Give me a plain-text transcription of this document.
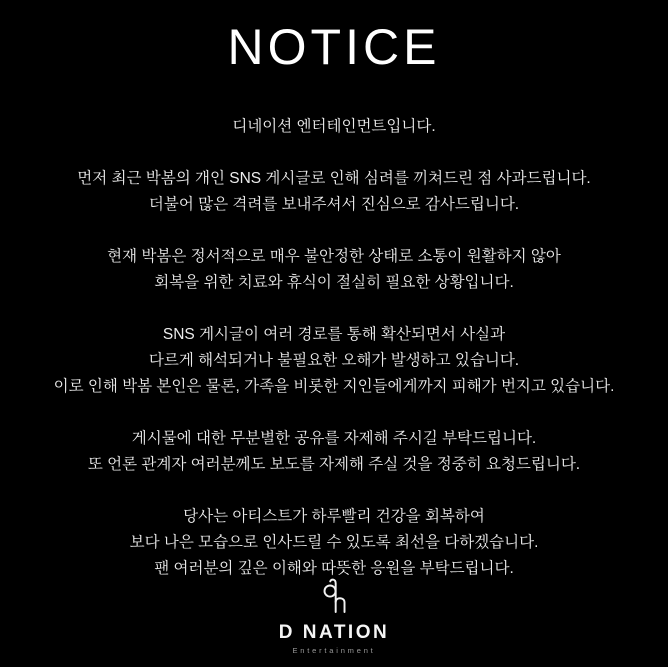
NOTICE

디네이션 엔터테인먼트입니다.

먼저 최근 박봄의 개인 SNS 게시글로 인해 심려를 끼쳐드린 점 사과드립니다.
더불어 많은 격려를 보내주셔서 진심으로 감사드립니다.

현재 박봄은 정서적으로 매우 불안정한 상태로 소통이 원활하지 않아
회복을 위한 치료와 휴식이 절실히 필요한 상황입니다.

SNS 게시글이 여러 경로를 통해 확산되면서 사실과
다르게 해석되거나 불필요한 오해가 발생하고 있습니다.
이로 인해 박봄 본인은 물론, 가족을 비롯한 지인들에게까지 피해가 번지고 있습니다.

게시물에 대한 무분별한 공유를 자제해 주시길 부탁드립니다.
또 언론 관계자 여러분께도 보도를 자제해 주실 것을 정중히 요청드립니다.

당사는 아티스트가 하루빨리 건강을 회복하여
보다 나은 모습으로 인사드릴 수 있도록 최선을 다하겠습니다.
팬 여러분의 깊은 이해와 따뜻한 응원을 부탁드립니다.

D NATION
Entertainment
